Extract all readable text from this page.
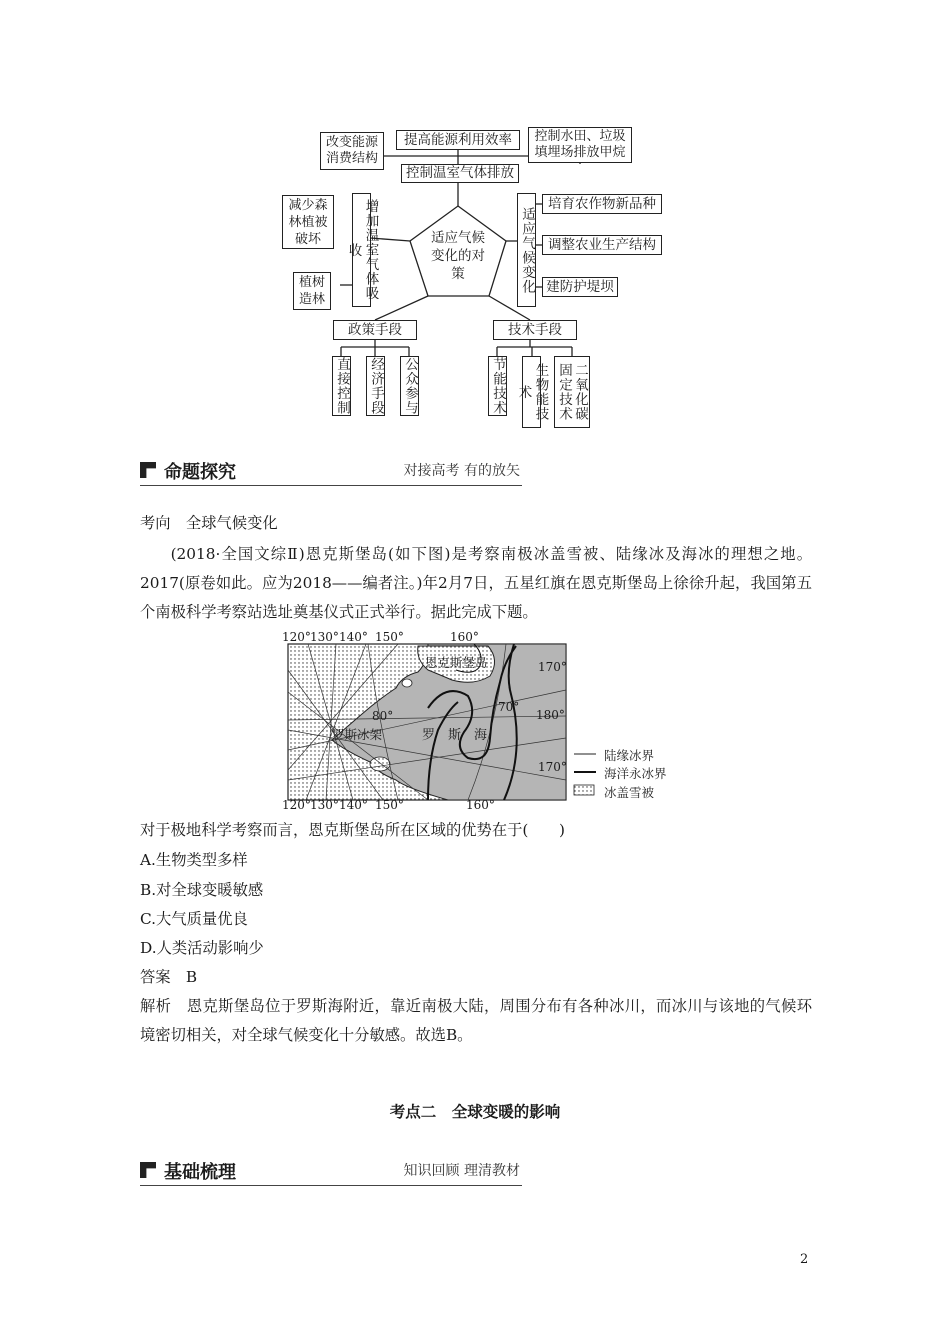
改变能源消费结构
提高能源利用效率	控制水田、垃圾填埋场排放甲烷
控制温室气体排放
适应气候变化的对策
减少森林植被破坏
植树造林	增加温室气体吸收	适应气候变化
培育农作物新品种
调整农业生产结构
建防护堤坝
政策手段	技术手段
直接控制 经济手段 公众参与	节能技术	生物能技术	二氧化碳固定技术
命题探究	对接高考 有的放矢
考向　全球气候变化
(2018·全国文综Ⅱ)恩克斯堡岛(如下图)是考察南极冰盖雪被、陆缘冰及海冰的理想之地。2017(原卷如此。应为2018——编者注。)年2月7日，五星红旗在恩克斯堡岛上徐徐升起，我国第五个南极科学考察站选址奠基仪式正式举行。据此完成下题。
120° 130° 140° 150°	160°
120° 130° 140° 150°	160°
170°
180°
170°
80°
70°
恩克斯堡岛
罗斯冰架	罗　斯　海
陆缘冰界
海洋永冰界
冰盖雪被
对于极地科学考察而言，恩克斯堡岛所在区域的优势在于(　　)
A.生物类型多样
B.对全球变暖敏感
C.大气质量优良
D.人类活动影响少
答案　B
解析　恩克斯堡岛位于罗斯海附近，靠近南极大陆，周围分布有各种冰川，而冰川与该地的气候环境密切相关，对全球气候变化十分敏感。故选B。
考点二　全球变暖的影响
基础梳理	知识回顾 理清教材
2
